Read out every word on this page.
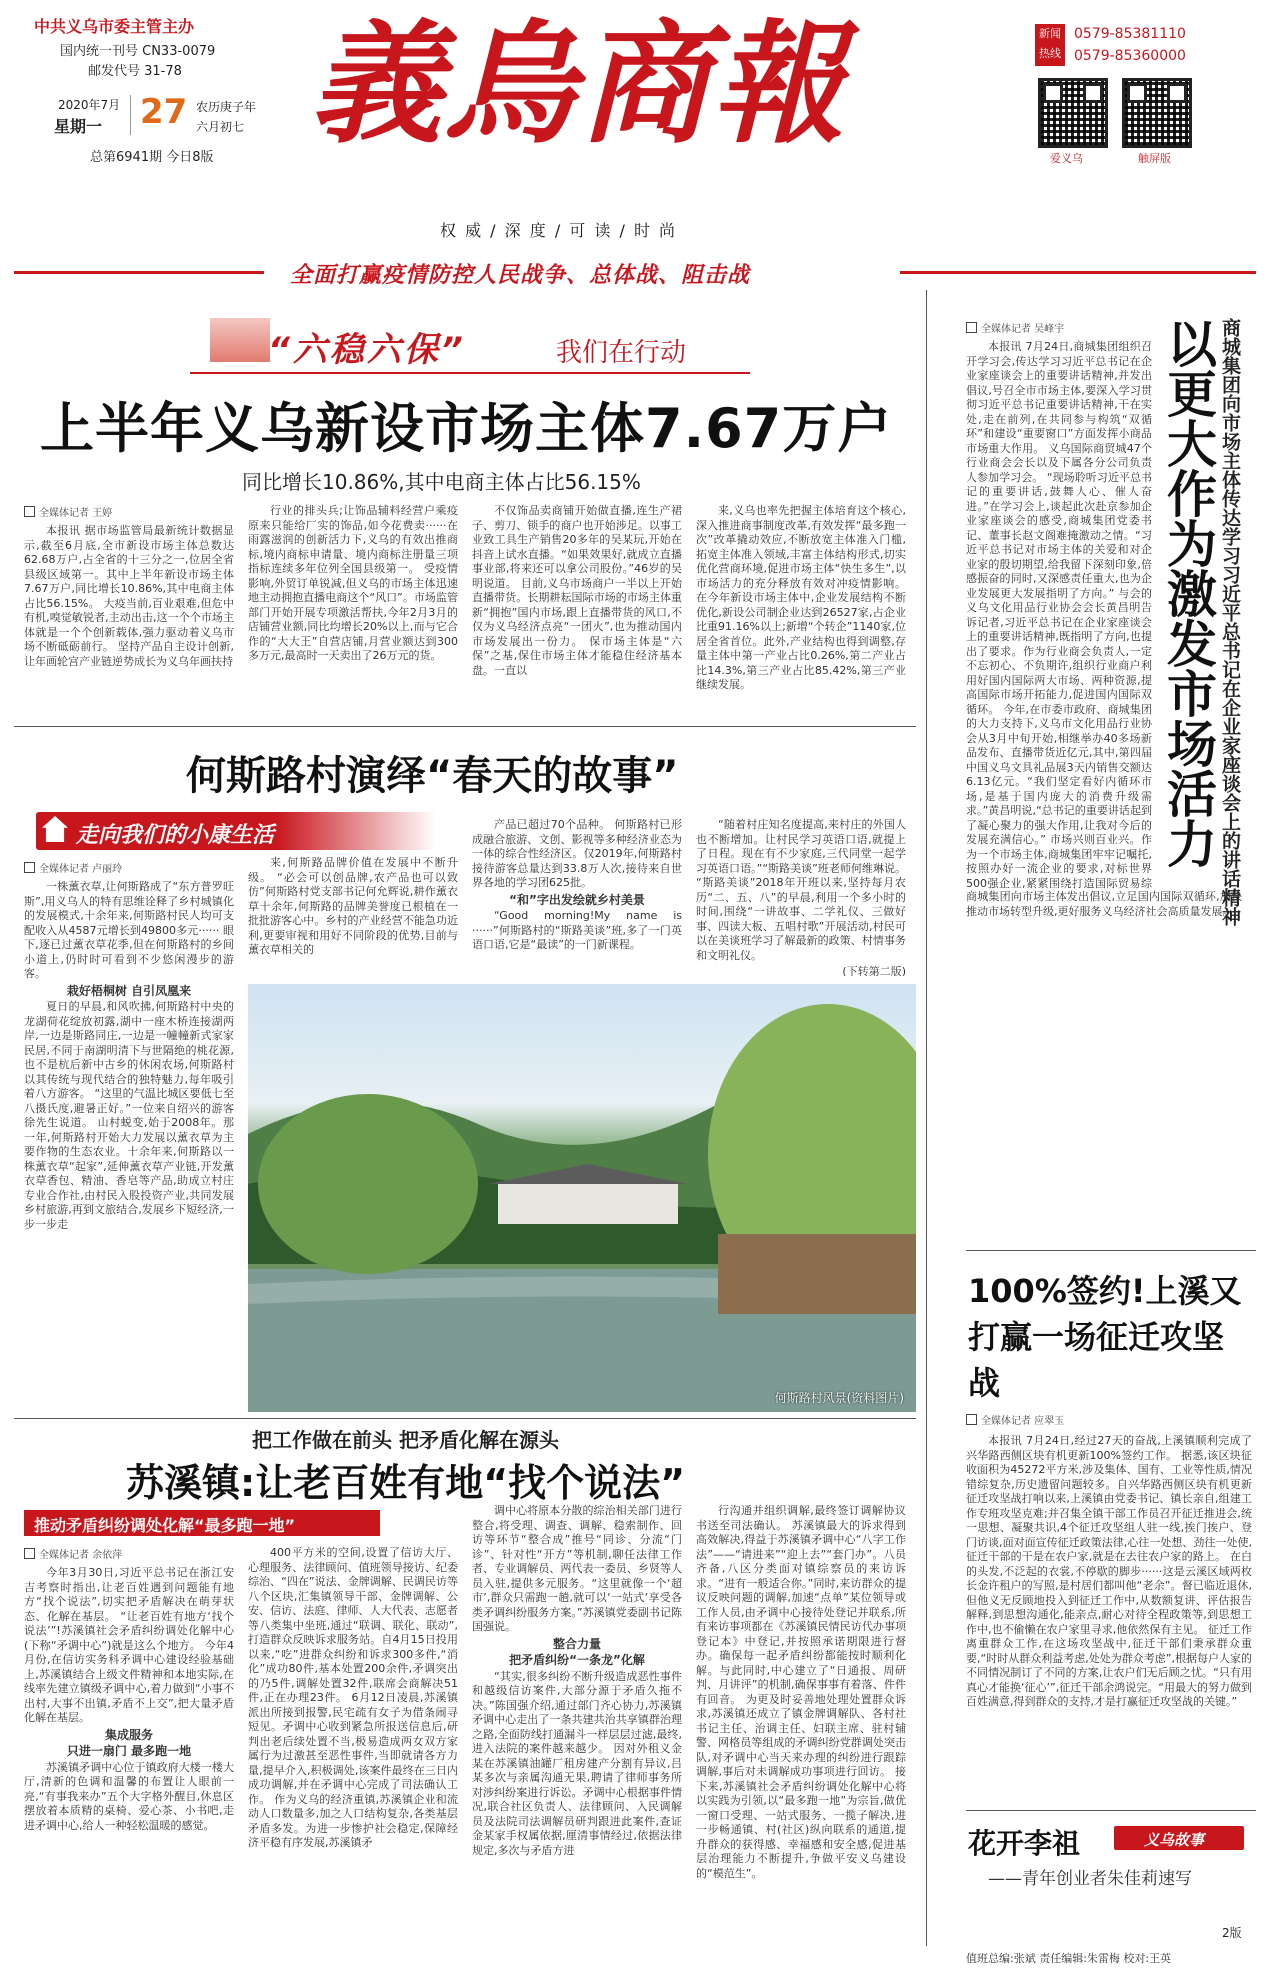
中共义乌市委主管主办
国内统一刊号 CN33-0079
邮发代号 31-78
2020年7月
星期一 27 农历庚子年
六月初七
总第6941期 今日8版 義烏商報
权 威 / 深 度 / 可 读 / 时 尚
新闻
热线
0579-85381110
0579-85360000
爱义乌	触屏版
全面打赢疫情防控人民战争、总体战、阻击战
“六稳六保”	我们在行动
上半年义乌新设市场主体7.67万户
同比增长10.86%,其中电商主体占比56.15%
全媒体记者 王婷

本报讯 据市场监管局最新统计数据显示,截至6月底,全市新设市场主体总数达62.68万户,占全省的十三分之一,位居全省县级区域第一。其中上半年新设市场主体7.67万户,同比增长10.86%,其中电商主体占比56.15%。 大疫当前,百业艰难,但危中有机,嗅觉敏锐者,主动出击,这一个个市场主体就是一个个创新载体,强力驱动着义乌市场不断砥砺前行。 坚持产品自主设计创新,让年画轮宫产业链逆势成长为义乌年画扶持

行业的排头兵;让饰品辅料经营户乘疫原来只能给厂实的饰品,如今花费卖······在雨露滋润的创新活力下,义乌的有效出推商标,境内商标申请量、境内商标注册量三项指标连续多年位列全国县级第一。 受疫情影响,外贸订单锐减,但义乌的市场主体迅速地主动拥抱直播电商这个“风口”。市场监管部门开始开展专项激活帮扶,今年2月3月的店铺营业额,同比均增长20%以上,而与它合作的“大大王”自营店铺,月营业额达到300多万元,最高时一天卖出了26万元的货。

不仅饰品卖商铺开始做直播,连生产裙子、剪刀、锁手的商户也开始涉足。以事工业致工具生产销售20多年的吴某玩,开始在抖音上试水直播。“如果效果好,就成立直播事业部,将来还可以拿公司股份。”46岁的吴明说道。 目前,义乌市场商户一半以上开始直播带货。长期耕耘国际市场的市场主体重新“拥抱”国内市场,跟上直播带货的风口,不仅为义乌经济点亮“一团火”,也为推动国内市场发展出一份力。 保市场主体是“六保”之基,保住市场主体才能稳住经济基本盘。一直以

来,义乌也率先把握主体培育这个核心,深入推进商事制度改革,有效发挥“最多跑一次”改革撬动效应,不断放宽主体准入门槛,拓宽主体准入领域,丰富主体结构形式,切实优化营商环境,促进市场主体“快生多生”,以市场活力的充分释放有效对冲疫情影响。 在今年新设市场主体中,企业发展结构不断优化,新设公司制企业达到26527家,占企业比重91.16%以上;新增“个转企”1140家,位居全省首位。此外,产业结构也得到调整,存量主体中第一产业占比0.26%,第二产业占比14.3%,第三产业占比85.42%,第三产业继续发展。

何斯路村演绎“春天的故事”
走向我们的小康生活
全媒体记者 卢丽玲

一株薰衣草,让何斯路成了“东方普罗旺斯”,用义乌人的特有思维诠释了乡村城镇化的发展模式,十余年来,何斯路村民人均可支配收入从4587元增长到49800多元······ 眼下,逐已过薰衣草花季,但在何斯路村的乡间小道上,仍时时可看到不少悠闲漫步的游客。

栽好梧桐树 自引凤凰来

夏日的早晨,和风吹拂,何斯路村中央的龙湖荷花绽放初露,湖中一座木桥连接湖两岸,一边是斯路同庄,一边是一幢幢新式家家民居,不同于南湖明清下与世隔绝的桃花源,也不是杭后新中古乡的休闲农场,何斯路村以其传统与现代结合的独特魅力,每年吸引着八方游客。 “这里的气温比城区要低七至八摄氏度,避暑正好。”一位来自绍兴的游客徐先生说道。 山村蜕变,始于2008年。那一年,何斯路村开始大力发展以薰衣草为主要作物的生态农业。十余年来,何斯路以一株薰衣草“起家”,延伸薰衣草产业链,开发薰衣草香包、精油、香皂等产品,助成立村庄专业合作社,由村民入股投资产业,共同发展乡村旅游,再到文旅结合,发展乡下短经济,一步一步走

来,何斯路品牌价值在发展中不断升级。 “必会可以创品牌,农产品也可以致仿”何斯路村党支部书记何允辉说,耕作薰衣草十余年,何斯路的品牌美誉度已根植在一批批游客心中。乡村的产业经营不能急功近利,更要审视和用好不同阶段的优势,目前与薰衣草相关的

产品已超过70个品种。 何斯路村已形成融合旅游、文创、影视等多种经济业态为一体的综合性经济区。仅2019年,何斯路村接待游客总量达到33.8万人次,接待来自世界各地的学习团625批。

“和”字出发绘就乡村美景

“Good morning!My name is ······”何斯路村的“斯路美谈”班,多了一门英语口语,它是“最读”的一门新课程。

“随着村庄知名度提高,来村庄的外国人也不断增加。让村民学习英语口语,就提上了日程。现在有不少家庭,三代同堂一起学习英语口语。”“斯路美谈”班老师何维琳说。 “斯路美谈”2018年开班以来,坚持每月农历“二、五、八”的早晨,利用一个多小时的时间,围绕“一讲故事、二学礼仪、三做好事、四读大板、五唱村歌”开展活动,村民可以在美谈班学习了解最新的政策、村情事务和文明礼仪。

(下转第二版)
何斯路村风景(资料图片)
把工作做在前头 把矛盾化解在源头
苏溪镇:让老百姓有地“找个说法”
推动矛盾纠纷调处化解“最多跑一地”
全媒体记者 余依萍

今年3月30日,习近平总书记在浙江安吉考察时指出,让老百姓遇到问题能有地方“找个说法”,切实把矛盾解决在萌芽状态、化解在基层。 “让老百姓有地方‘找个说法’”!苏溪镇社会矛盾纠纷调处化解中心(下称“矛调中心”)就是这么个地方。 今年4月份,在信访实务科矛调中心建设经验基础上,苏溪镇结合上级文件精神和本地实际,在线率先建立镇级矛调中心,着力做到“小事不出村,大事不出镇,矛盾不上交”,把大量矛盾化解在基层。

集成服务

只进一扇门 最多跑一地

苏溪镇矛调中心位于镇政府大楼一楼大厅,清新的色调和温馨的布置让人眼前一亮,“有事我来办”五个大字格外醒目,休息区摆放着本质精的桌椅、爱心茶、小书吧,走进矛调中心,给人一种轻松温暖的感觉。

400平方米的空间,设置了信访大厅、心理服务、法律顾问、值班领导接访、纪委综治、“四在”说法、金牌调解、民调民访等八个区块,汇集镇领导干部、金牌调解、公安、信访、法庭、律师、人大代表、志愿者等八类集中坐班,通过“联调、联化、联动”,打造群众反映诉求服务站。自4月15日投用以来,“吃”进群众纠纷和诉求300多件,“消化”成功80件,基本处置200余件,矛调突出的乃5件,调解处置32件,联席会商解决51件,正在办理23件。 6月12日凌晨,苏溪镇派出所接到报警,民宅疏有女子为借条闹寻短见。矛调中心收到紧急所报送信息后,研判出老后续处置不当,极易造成两女双方家属行为过激甚至恶性事件,当即就请各方力量,提早介入,积极调处,该案件最终在三日内成功调解,并在矛调中心完成了司法确认工作。 作为义乌的经济重镇,苏溪镇企业和流动人口数量多,加之人口结构复杂,各类基层矛盾多发。为进一步惨护社会稳定,保障经济平稳有序发展,苏溪镇矛

调中心将原本分散的综治相关部门进行整合,将受理、调查、调解、稳索制作、回访等环节“整合成”推号“同诊、分流“门诊”、针对性“开方”等机制,聊任法律工作者、专业调解员、两代表一委员、乡贤等人员入驻,提供多元服务。“这里就像一个‘超市’,群众只需跑一趟,就可以‘一站式’享受各类矛调纠纷服务方案。”苏溪镇党委副书记陈国强说。

整合力量

把矛盾纠纷“一条龙”化解

“其实,很多纠纷不断升级造成恶性事件和越级信访案件,大部分源于矛盾久拖不决。”陈国强介绍,通过部门齐心协力,苏溪镇矛调中心走出了一条共建共治共享镇群治理之路,全面防线打通漏斗一样层层过滤,最终,进入法院的案件越来越少。 因对外租义金某在苏溪镇油罐厂租房建产分割有异议,吕某多次与亲属沟通无果,聘请了律师事务所对涉纠纷案进行诉讼。矛调中心根据事件情况,联合社区负责人、法律顾问、入民调解员及法院司法调解员研判跟进此案件,查证金某家手权属依据,厘清事情经过,依据法律规定,多次与矛盾方进

行沟通并组织调解,最终签订调解协议书送至司法确认。 苏溪镇最大的诉求得到高效解决,得益于苏溪镇矛调中心“八字工作法”——“请进来”“迎上去”“套门办”。八员齐备,八区分类面对镇综察员的来访诉求。“进有一般适合你。”同时,来访群众的提议反映问题的调解,加速“点单”某位领导或工作人员,由矛调中心接待处登记并联系,所有来访事项都在《苏溪镇民情民访代办事项登记本》中登记,并按照承诺期限进行督办。确保每一起矛盾纠纷都能按时顺利化解。与此同时,中心建立了“日通报、周研判、月讲评”的机制,确保事事有着落、件件有回音。 为更及时妥善地处理处置群众诉求,苏溪镇还成立了镇金牌调解队、各村社书记主任、治调主任、妇联主席、驻村辅警、网格员等组成的矛调纠纷党群调处突击队,对矛调中心当天来办理的纠纷进行跟踪调解,事后对未调解成功事项进行回访。 接下来,苏溪镇社会矛盾纠纷调处化解中心将以实践为引领,以“最多跑一地”为宗旨,做优一窗口受理、一站式服务、一揽子解决,进一步畅通镇、村(社区)纵向联系的通道,提升群众的获得感、幸福感和安全感,促进基层治理能力不断提升,争做平安义乌建设的“模范生”。

全媒体记者 吴峰宇	商城集团向市场主体传达学习习近平总书记在企业家座谈会上的讲话精神
以更大作为激发市场活力

本报讯 7月24日,商城集团组织召开学习会,传达学习习近平总书记在企业家座谈会上的重要讲话精神,并发出倡议,号召全市市场主体,要深入学习贯彻习近平总书记重要讲话精神,干在实处,走在前列,在共同参与构筑“双循环”和建设“重要窗口”方面发挥小商品市场重大作用。 义乌国际商贸城47个行业商会会长以及下属各分公司负责人参加学习会。 “现场聆听习近平总书记的重要讲话,鼓舞人心、催人奋进。”在学习会上,谈起此次赴京参加企业家座谈会的感受,商城集团党委书记、董事长赵文阁难掩激动之情。“习近平总书记对市场主体的关爱和对企业家的殷切期望,给我留下深刻印象,倍感振奋的同时,又深感责任重大,也为企业发展更大发展指明了方向。” 与会的义乌文化用品行业协会会长黄昌明告诉记者,习近平总书记在企业家座谈会上的重要讲话精神,既指明了方向,也提出了要求。作为行业商会负责人,一定不忘初心、不负期许,组织行业商户利用好国内国际两大市场、两种资源,提高国际市场开拓能力,促进国内国际双循环。 今年,在市委市政府、商城集团的大力支持下,义乌市文化用品行业协会从3月中旬开始,相继举办40多场新品发布、直播带货近亿元,其中,第四届中国义乌文具礼品展3天内销售交额达6.13亿元。“我们坚定看好内循环市场,是基于国内庞大的消费升级需求。”黄昌明说,“总书记的重要讲话起到了凝心聚力的强大作用,让我对今后的发展充满信心。” 市场兴则百业兴。作为一个市场主体,商城集团牢牢记嘱托,按照办好一流企业的要求,对标世界500强企业,紧紧围绕打造国际贸易综

商城集团向市场主体发出倡议,立足国内国际双循环,加快推动市场转型升级,更好服务义乌经济社会高质量发展。

100%签约!上溪又打赢一场征迁攻坚战
全媒体记者 应翠玉

本报讯 7月24日,经过27天的奋战,上溪镇顺利完成了兴华路西侧区块有机更新100%签约工作。 据悉,该区块征收面积为45272平方米,涉及集体、国有、工业等性质,情况错综复杂,历史遗留问题较多。自兴华路西侧区块有机更新征迁攻坚战打响以来,上溪镇由党委书记、镇长亲自,组建工作专班攻坚克难;并召集全镇干部工作员召开征迁推进会,统一思想、凝聚共识,4个征迁攻坚组人驻一线,挨门挨户、登门访谈,面对面宣传征迁政策法律,心往一处想、劲往一处使,征迁干部的干是在农户家,就是在去往农户家的路上。 在白的头发,不泛起的衣裳,不停歇的脚步······这是云溪区域两枚长金许租户的写照,是村居们都叫他“老余”。督已临近退休,但他义无反顾地投入到征迁工作中,从数额复讲、评估报告解释,到思想沟通化,能亲点,耐心对待全程政策等,到思想工作中,也不偷懒在农户家里寻求,他依然保有主见。 征迁工作离重群众工作,在这场攻坚战中,征迁干部们秉承群众重要,“时时从群众利益考虑,处处为群众考虑”,根据每户人家的不同情况制订了不同的方案,让农户们无后顾之忧。“只有用真心才能换‘征心’”,征迁干部余鸿说完。“用最大的努力做到百姓满意,得到群众的支持,才是打赢征迁攻坚战的关键。”

花开李祖	义乌故事
——青年创业者朱佳莉速写
2版
值班总编:张斌 责任编辑:朱雷梅 校对:王英
